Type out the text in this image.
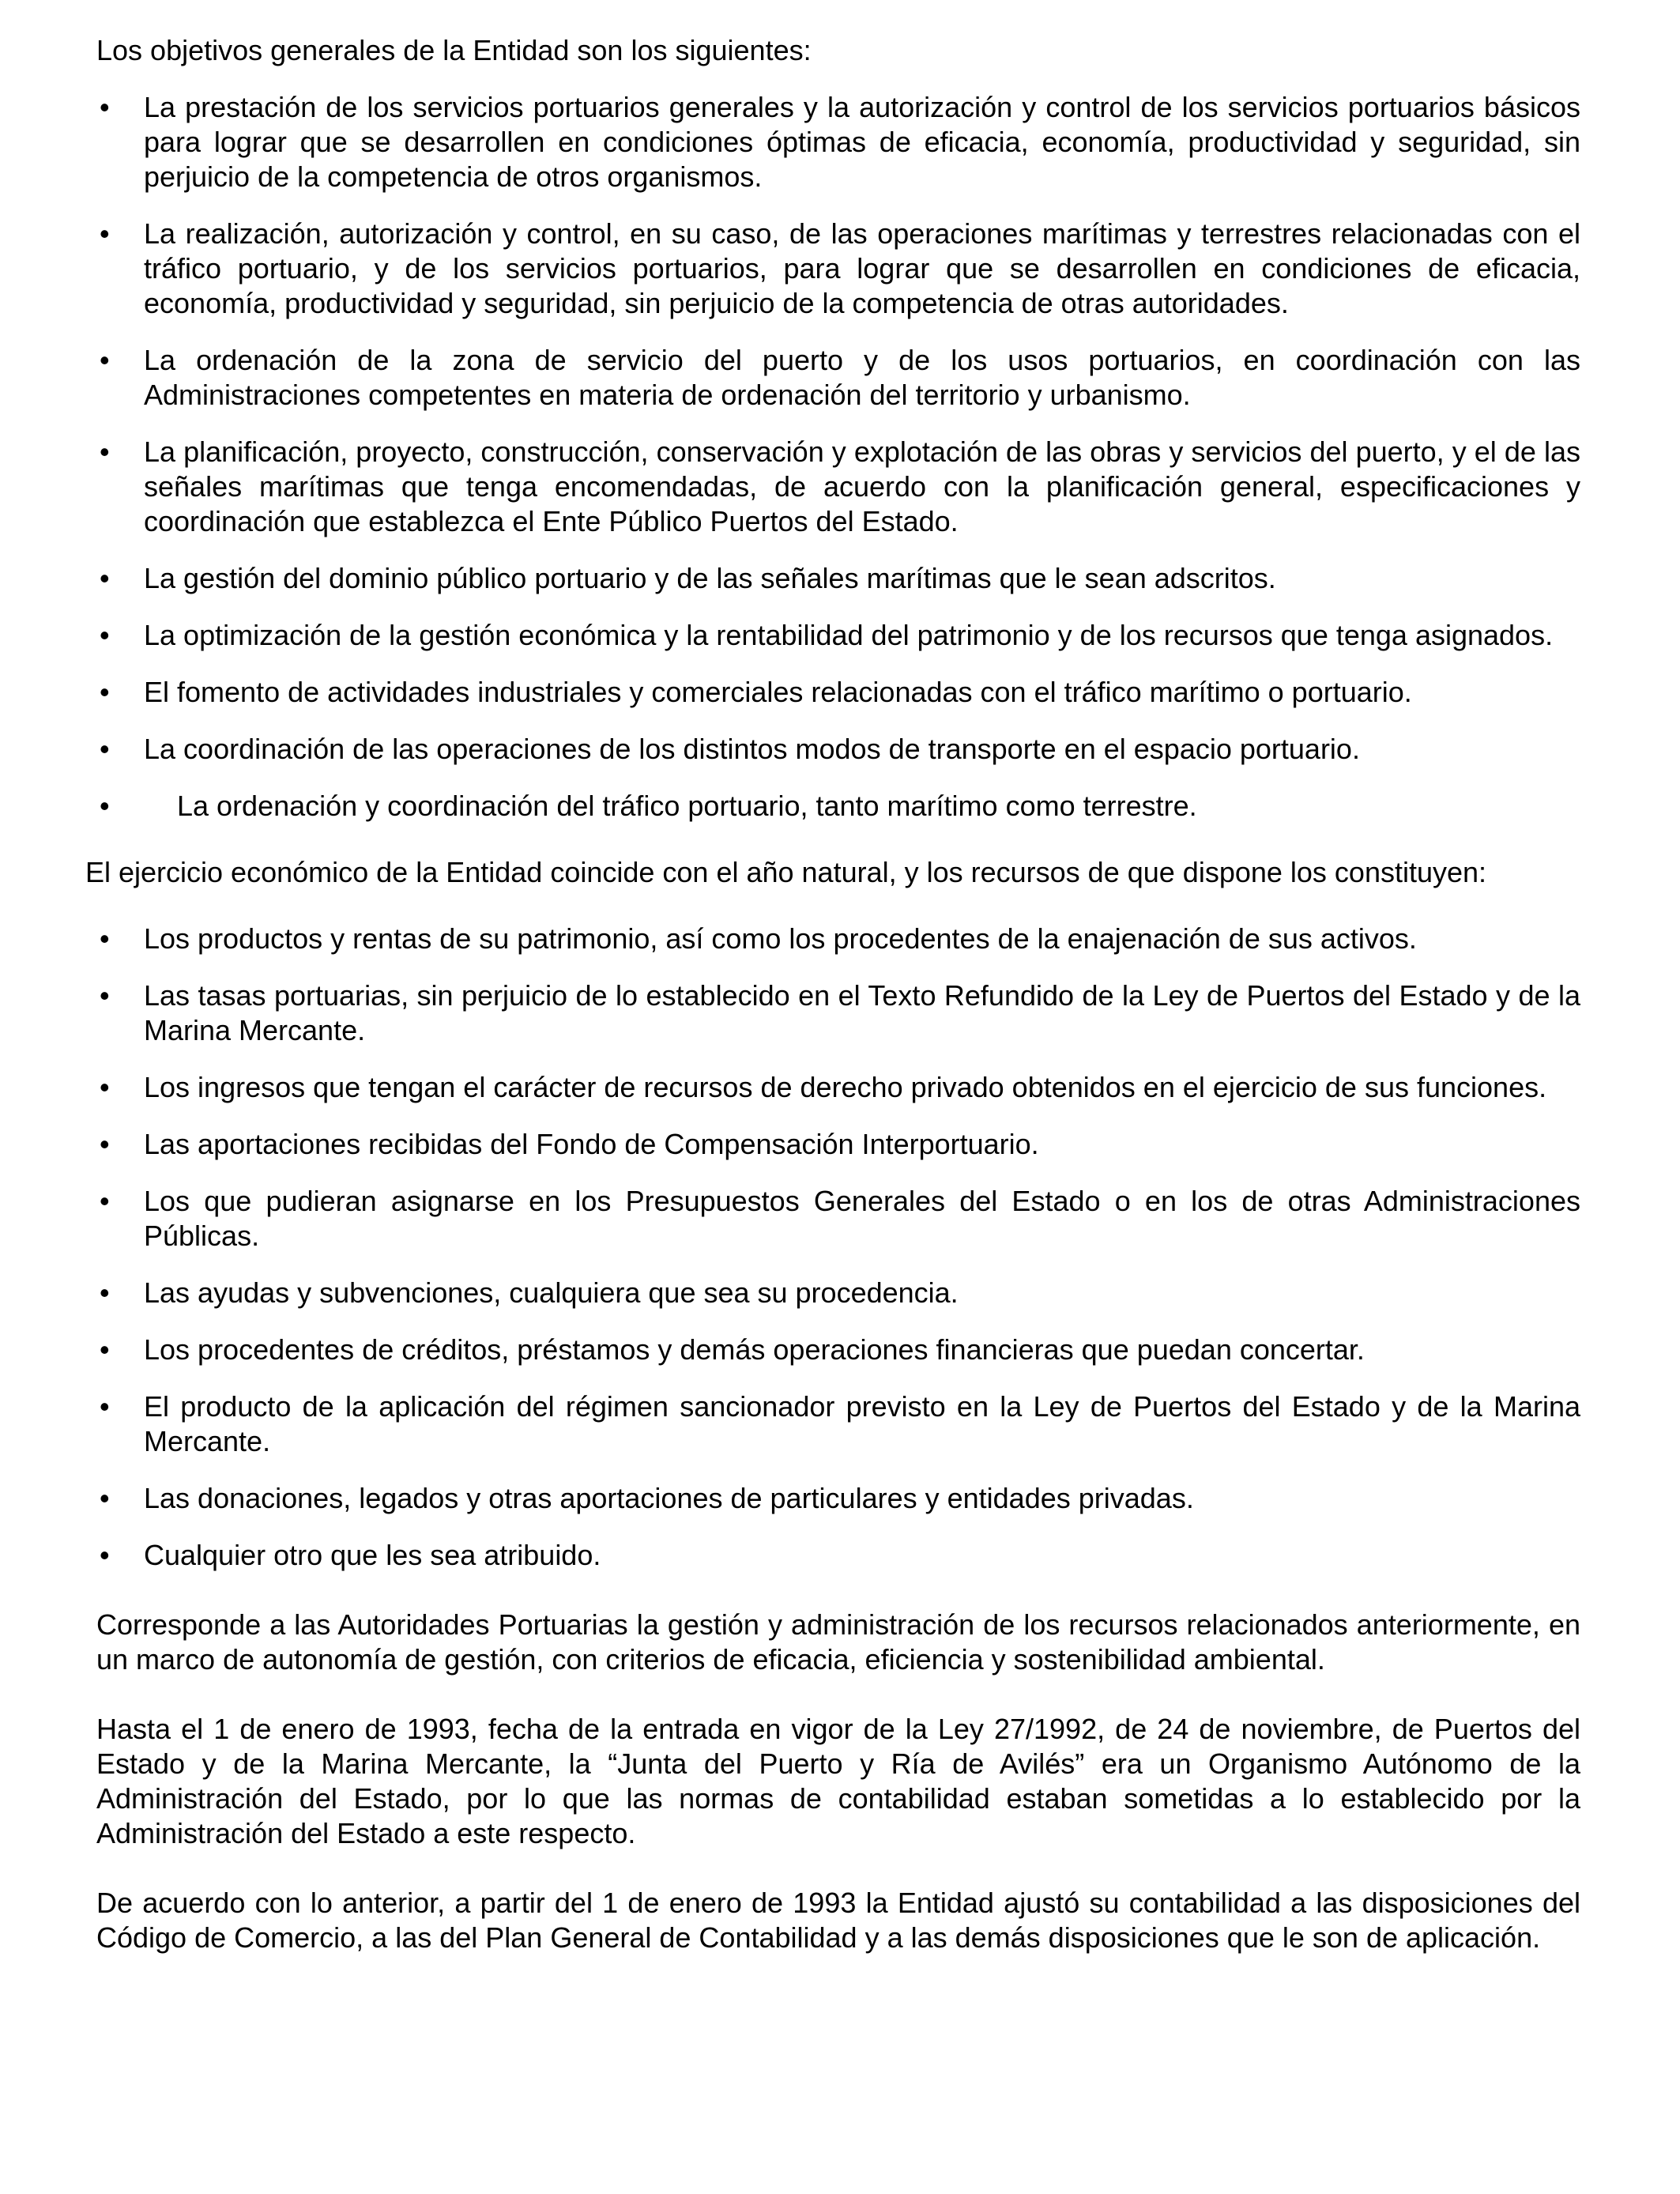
Los objetivos generales de la Entidad son los siguientes:

•	La prestación de los servicios portuarios generales y la autorización y control de los servicios portuarios básicos para lograr que se desarrollen en condiciones óptimas de eficacia, economía, productividad y seguridad, sin perjuicio de la competencia de otros organismos.
•	La realización, autorización y control, en su caso, de las operaciones marítimas y terrestres relacionadas con el tráfico portuario, y de los servicios portuarios, para lograr que se desarrollen en condiciones de eficacia, economía, productividad y seguridad, sin perjuicio de la competencia de otras autoridades.
•	La ordenación de la zona de servicio del puerto y de los usos portuarios, en coordinación con las Administraciones competentes en materia de ordenación del territorio y urbanismo.
•	La planificación, proyecto, construcción, conservación y explotación de las obras y servicios del puerto, y el de las señales marítimas que tenga encomendadas, de acuerdo con la planificación general, especificaciones y coordinación que establezca el Ente Público Puertos del Estado.
•	La gestión del dominio público portuario y de las señales marítimas que le sean adscritos.
•	La optimización de la gestión económica y la rentabilidad del patrimonio y de los recursos que tenga asignados.
•	El fomento de actividades industriales y comerciales relacionadas con el tráfico marítimo o portuario.
•	La coordinación de las operaciones de los distintos modos de transporte en el espacio portuario.
•	La ordenación y coordinación del tráfico portuario, tanto marítimo como terrestre.

El ejercicio económico de la Entidad coincide con el año natural, y los recursos de que dispone los constituyen:

•	Los productos y rentas de su patrimonio, así como los procedentes de la enajenación de sus activos.
•	Las tasas portuarias, sin perjuicio de lo establecido en el Texto Refundido de la Ley de Puertos del Estado y de la Marina Mercante.
•	Los ingresos que tengan el carácter de recursos de derecho privado obtenidos en el ejercicio de sus funciones.
•	Las aportaciones recibidas del Fondo de Compensación Interportuario.
•	Los que pudieran asignarse en los Presupuestos Generales del Estado o en los de otras Administraciones Públicas.
•	Las ayudas y subvenciones, cualquiera que sea su procedencia.
•	Los procedentes de créditos, préstamos y demás operaciones financieras que puedan concertar.
•	El producto de la aplicación del régimen sancionador previsto en la Ley de Puertos del Estado y de la Marina Mercante.
•	Las donaciones, legados y otras aportaciones de particulares y entidades privadas.
•	Cualquier otro que les sea atribuido.

Corresponde a las Autoridades Portuarias la gestión y administración de los recursos relacionados anteriormente, en un marco de autonomía de gestión, con criterios de eficacia, eficiencia y sostenibilidad ambiental.

Hasta el 1 de enero de 1993, fecha de la entrada en vigor de la Ley 27/1992, de 24 de noviembre, de Puertos del Estado y de la Marina Mercante, la “Junta del Puerto y Ría de Avilés” era un Organismo Autónomo de la Administración del Estado, por lo que las normas de contabilidad estaban sometidas a lo establecido por la Administración del Estado a este respecto.

De acuerdo con lo anterior, a partir del 1 de enero de 1993 la Entidad ajustó su contabilidad a las disposiciones del Código de Comercio, a las del Plan General de Contabilidad y a las demás disposiciones que le son de aplicación.
